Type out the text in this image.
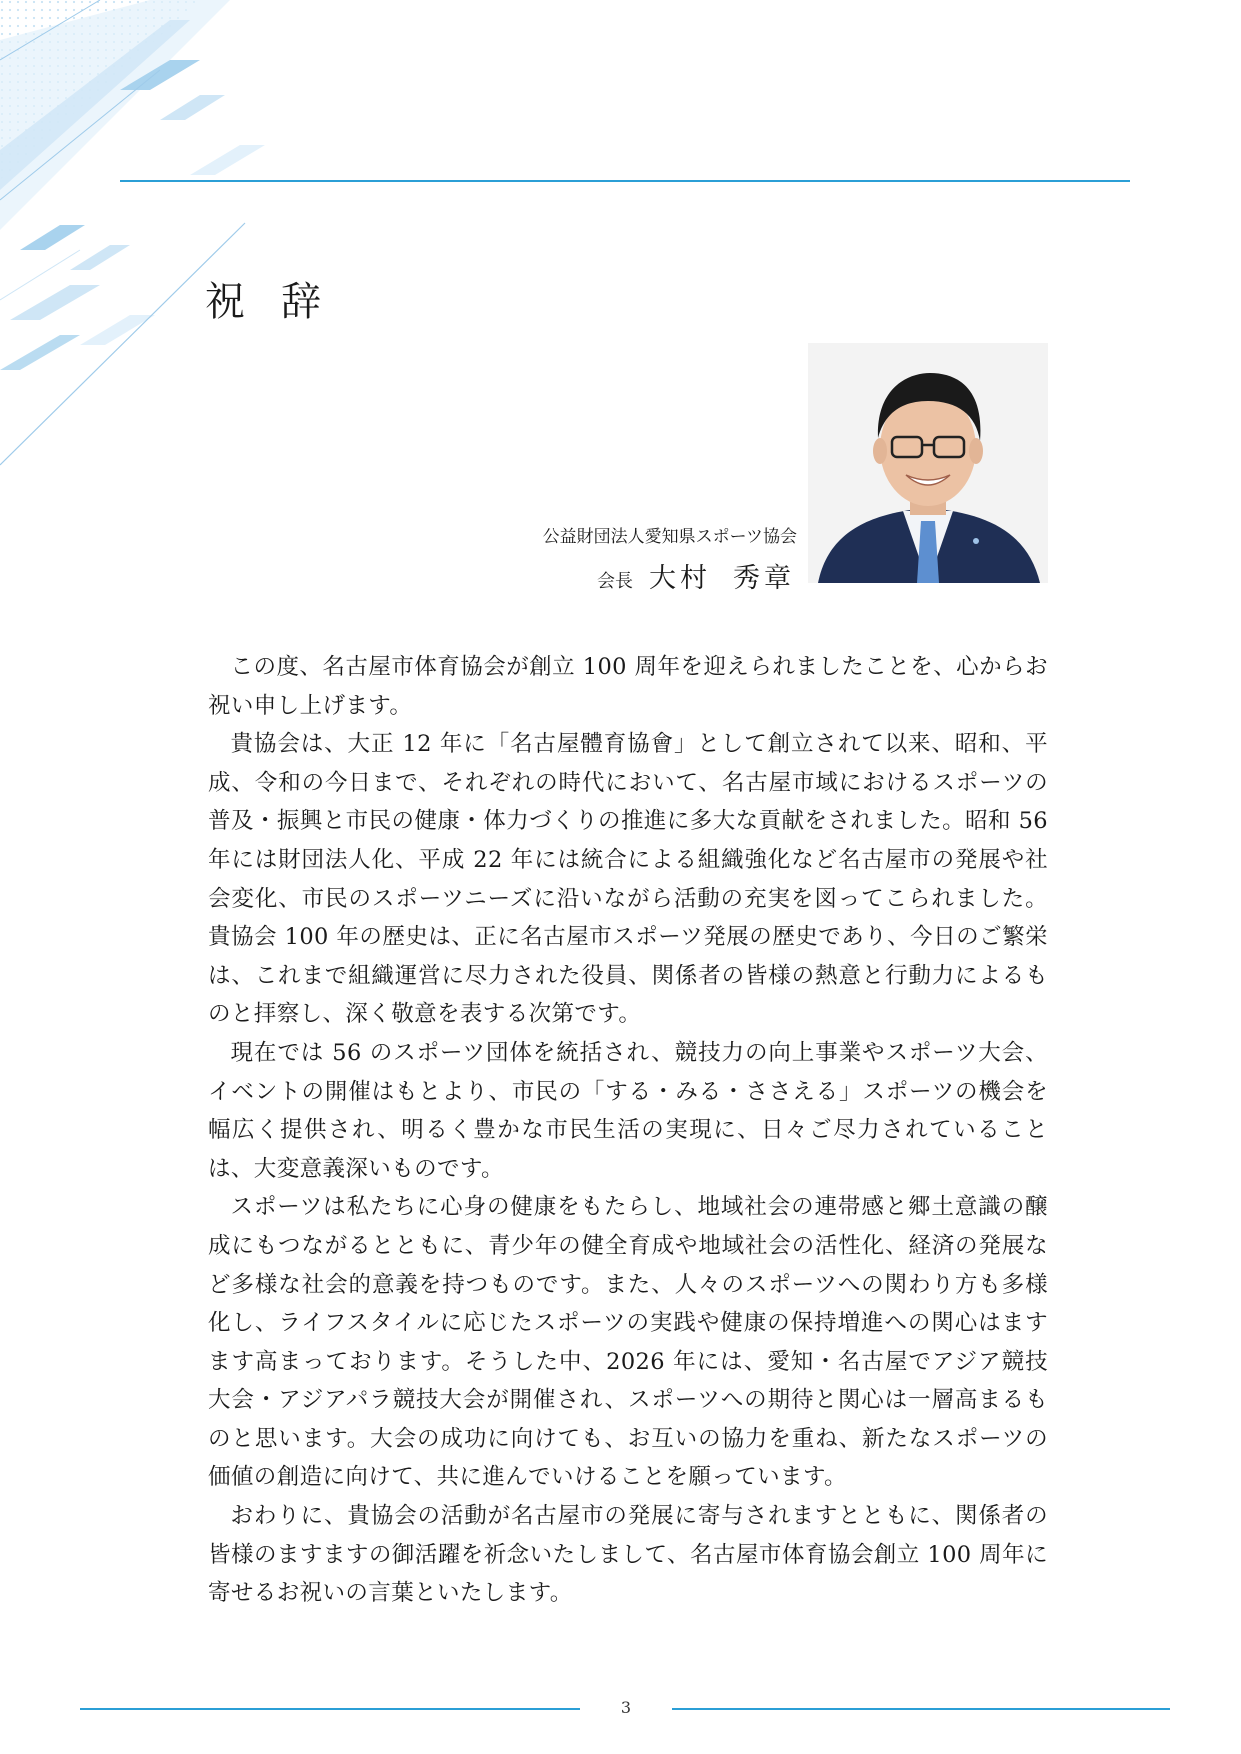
祝 辞
公益財団法人愛知県スポーツ協会
会長 大村 秀章

この度、名古屋市体育協会が創立 100 周年を迎えられましたことを、心からお祝い申し上げます。

貴協会は、大正 12 年に「名古屋體育協會」として創立されて以来、昭和、平成、令和の今日まで、それぞれの時代において、名古屋市域におけるスポーツの普及・振興と市民の健康・体力づくりの推進に多大な貢献をされました。昭和 56 年には財団法人化、平成 22 年には統合による組織強化など名古屋市の発展や社会変化、市民のスポーツニーズに沿いながら活動の充実を図ってこられました。貴協会 100 年の歴史は、正に名古屋市スポーツ発展の歴史であり、今日のご繁栄は、これまで組織運営に尽力された役員、関係者の皆様の熱意と行動力によるものと拝察し、深く敬意を表する次第です。

現在では 56 のスポーツ団体を統括され、競技力の向上事業やスポーツ大会、イベントの開催はもとより、市民の「する・みる・ささえる」スポーツの機会を幅広く提供され、明るく豊かな市民生活の実現に、日々ご尽力されていることは、大変意義深いものです。

スポーツは私たちに心身の健康をもたらし、地域社会の連帯感と郷土意識の醸成にもつながるとともに、青少年の健全育成や地域社会の活性化、経済の発展など多様な社会的意義を持つものです。また、人々のスポーツへの関わり方も多様化し、ライフスタイルに応じたスポーツの実践や健康の保持増進への関心はますます高まっております。そうした中、2026 年には、愛知・名古屋でアジア競技大会・アジアパラ競技大会が開催され、スポーツへの期待と関心は一層高まるものと思います。大会の成功に向けても、お互いの協力を重ね、新たなスポーツの価値の創造に向けて、共に進んでいけることを願っています。

おわりに、貴協会の活動が名古屋市の発展に寄与されますとともに、関係者の皆様のますますの御活躍を祈念いたしまして、名古屋市体育協会創立 100 周年に寄せるお祝いの言葉といたします。

3
